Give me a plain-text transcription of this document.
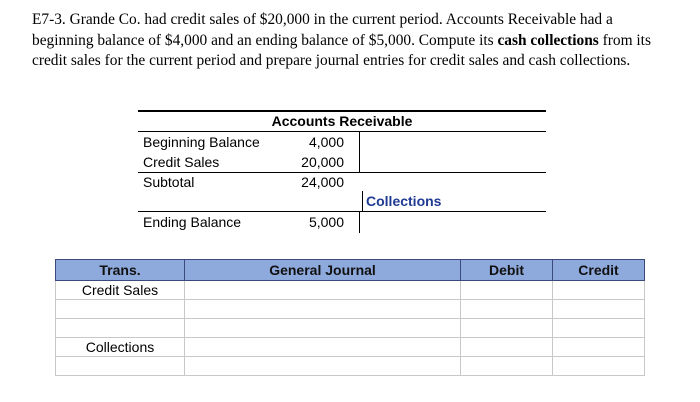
E7-3. Grande Co. had credit sales of $20,000 in the current period. Accounts Receivable had a beginning balance of $4,000 and an ending balance of $5,000. Compute its cash collections from its credit sales for the current period and prepare journal entries for credit sales and cash collections.
Accounts Receivable
Beginning Balance	4,000
Credit Sales	20,000
Subtotal	24,000
Collections
Ending Balance	5,000
Trans.	General Journal	Debit	Credit
Credit Sales			

Collections			
